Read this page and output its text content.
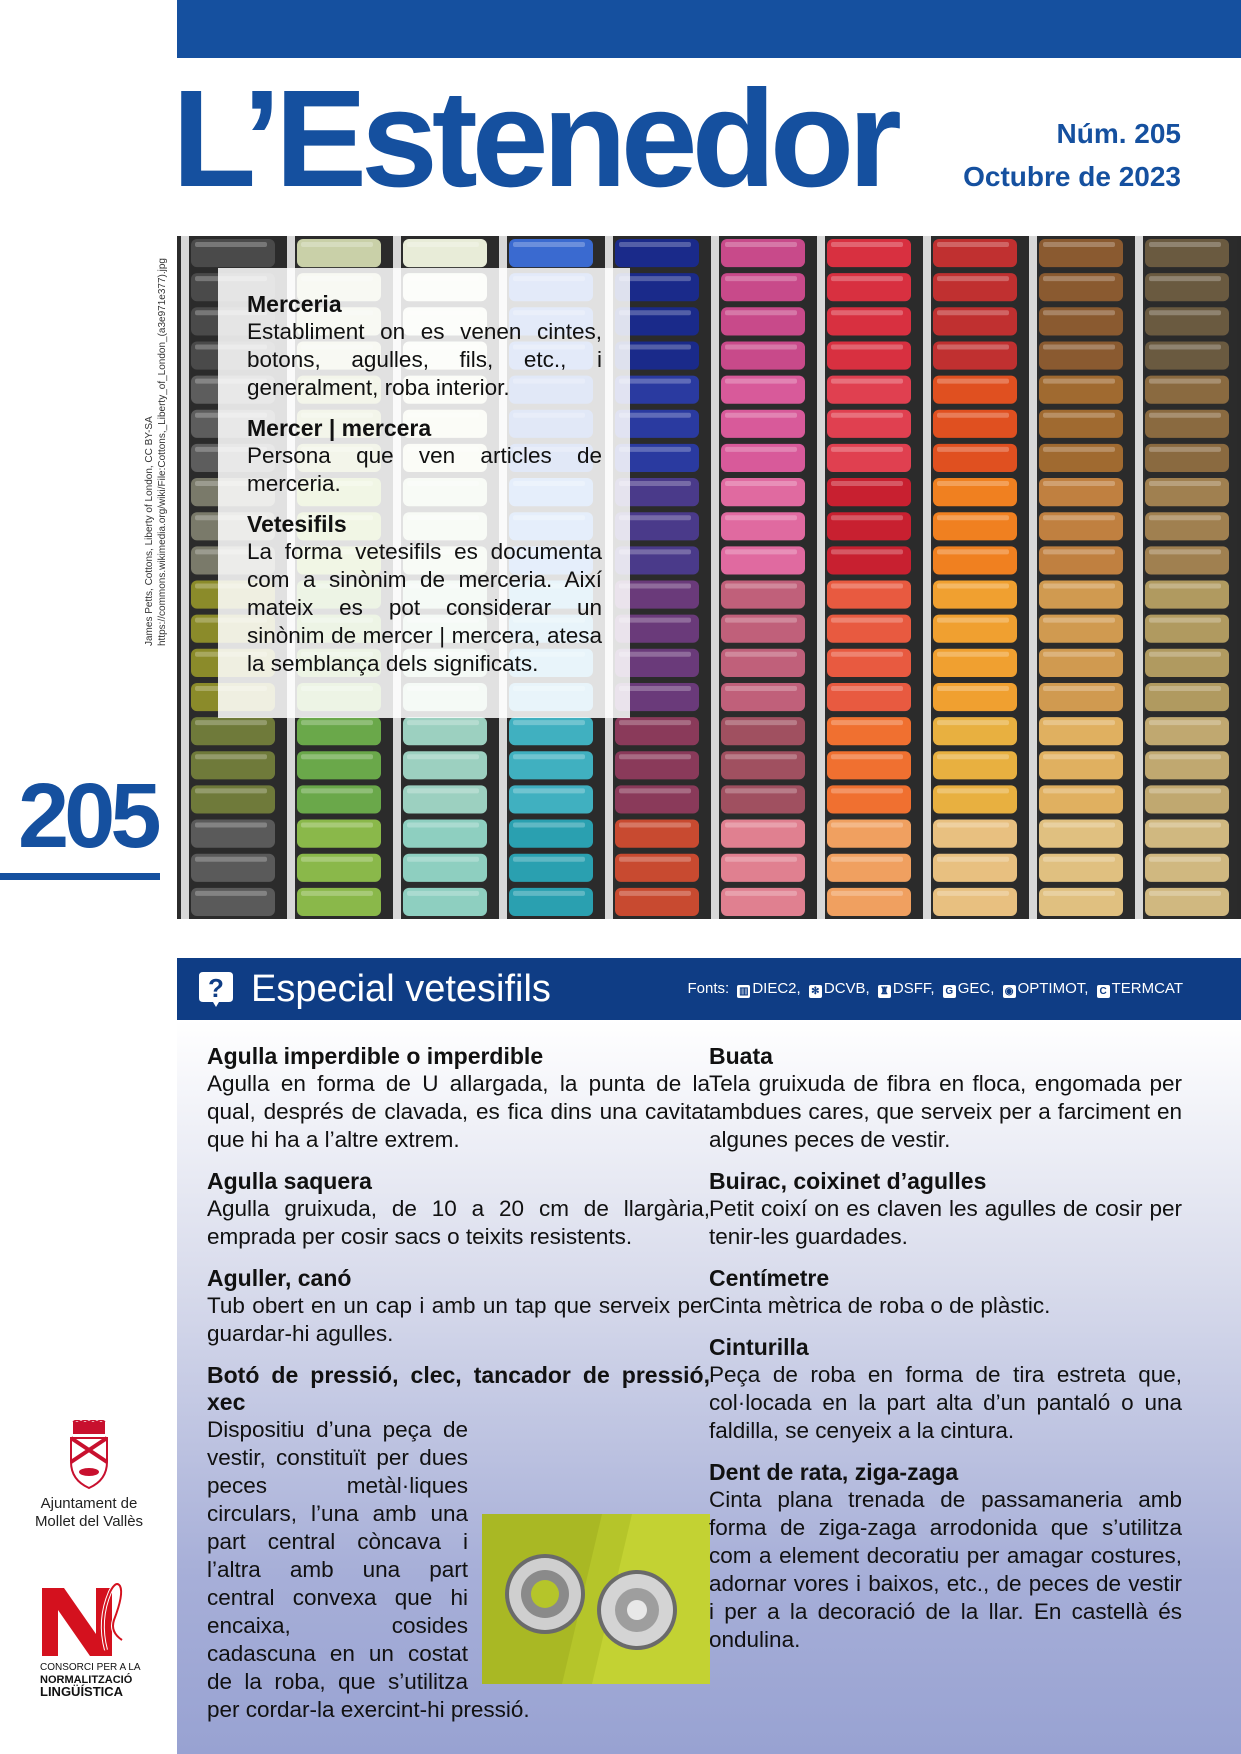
L’Estenedor	Núm. 205
Octubre de 2023
James Petts, Cottons, Liberty of London, CC BY-SA https://commons.wikimedia.org/wiki/File:Cottons,_Liberty_of_London_(a3e971e377).jpg	Merceria

Establiment on es venen cintes, botons, agulles, fils, etc., i generalment, roba interior.

Mercer | mercera

Persona que ven articles de merceria.

Vetesifils

La forma vetesifils es documenta com a sinònim de merceria. Així mateix es pot considerar un sinònim de mercer | mercera, atesa la semblança dels significats.

205
? Especial vetesifils	Fonts: ▥ DIEC2, ✻ DCVB, ♜ DSFF, G GEC, ◉ OPTIMOT, C TERMCAT

Agulla imperdible o imperdible

Agulla en forma de U allargada, la punta de la qual, després de clavada, es fica dins una cavitat que hi ha a l’altre extrem.

Agulla saquera

Agulla gruixuda, de 10 a 20 cm de llargària, emprada per cosir sacs o teixits resistents.

Aguller, canó

Tub obert en un cap i amb un tap que serveix per guardar-hi agulles.

Botó de pressió, clec, tancador de pressió, xec

Dispositiu d’una peça de vestir, constituït per dues peces metàl·liques circulars, l’una amb una part central còncava i l’altra amb una part central convexa que hi encaixa, cosides cadascuna en un costat de la roba, que s’utilitza per cordar-la exercint-hi pressió.

Buata

Tela gruixuda de fibra en floca, engomada per ambdues cares, que serveix per a farciment en algunes peces de vestir.

Buirac, coixinet d’agulles

Petit coixí on es claven les agulles de cosir per tenir-les guardades.

Centímetre

Cinta mètrica de roba o de plàstic.

Cinturilla

Peça de roba en forma de tira estreta que, col·locada en la part alta d’un pantaló o una faldilla, se cenyeix a la cintura.

Dent de rata, ziga-zaga

Cinta plana trenada de passamaneria amb forma de ziga-zaga arrodonida que s’utilitza com a element decoratiu per amagar costures, adornar vores i baixos, etc., de peces de vestir i per a la decoració de la llar. En castellà és ondulina.

Ajuntament de
Mollet del Vallès
CONSORCI PER A LA
NORMALITZACIÓ
LINGÜÍSTICA
